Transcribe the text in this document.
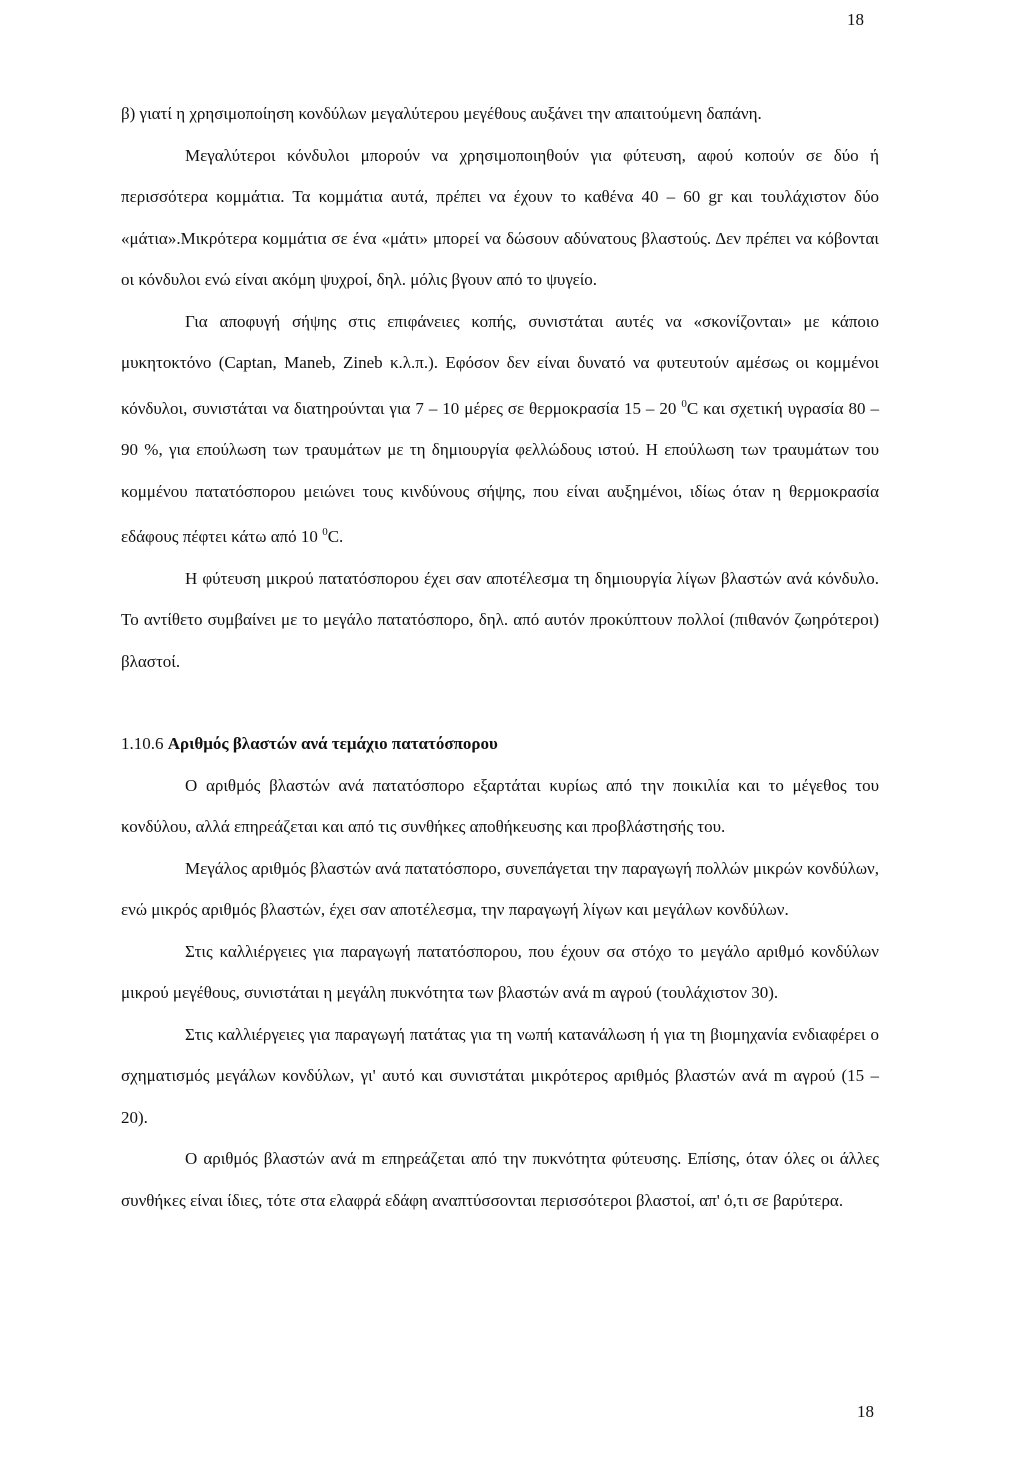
18

β) γιατί η χρησιμοποίηση κονδύλων μεγαλύτερου μεγέθους αυξάνει την απαιτούμενη δαπάνη.

Μεγαλύτεροι κόνδυλοι μπορούν να χρησιμοποιηθούν για φύτευση, αφού κοπούν σε δύο ή περισσότερα κομμάτια. Τα κομμάτια αυτά, πρέπει να έχουν το καθένα 40 – 60 gr και τουλάχιστον δύο «μάτια».Μικρότερα κομμάτια σε ένα «μάτι» μπορεί να δώσουν αδύνατους βλαστούς. Δεν πρέπει να κόβονται οι κόνδυλοι ενώ είναι ακόμη ψυχροί, δηλ. μόλις βγουν από το ψυγείο.

Για αποφυγή σήψης στις επιφάνειες κοπής, συνιστάται αυτές να «σκονίζονται» με κάποιο μυκητοκτόνο (Captan, Maneb, Zineb κ.λ.π.). Εφόσον δεν είναι δυνατό να φυτευτούν αμέσως οι κομμένοι κόνδυλοι, συνιστάται να διατηρούνται για 7 – 10 μέρες σε θερμοκρασία 15 – 20 $^0$C και σχετική υγρασία 80 – 90 %, για επούλωση των τραυμάτων με τη δημιουργία φελλώδους ιστού. Η επούλωση των τραυμάτων του κομμένου πατατόσπορου μειώνει τους κινδύνους σήψης, που είναι αυξημένοι, ιδίως όταν η θερμοκρασία εδάφους πέφτει κάτω από 10 $^0$C.

Η φύτευση μικρού πατατόσπορου έχει σαν αποτέλεσμα τη δημιουργία λίγων βλαστών ανά κόνδυλο. Το αντίθετο συμβαίνει με το μεγάλο πατατόσπορο, δηλ. από αυτόν προκύπτουν πολλοί (πιθανόν ζωηρότεροι) βλαστοί.

1.10.6 Αριθμός βλαστών ανά τεμάχιο πατατόσπορου

Ο αριθμός βλαστών ανά πατατόσπορο εξαρτάται κυρίως από την ποικιλία και το μέγεθος του κονδύλου, αλλά επηρεάζεται και από τις συνθήκες αποθήκευσης και προβλάστησής του.

Μεγάλος αριθμός βλαστών ανά πατατόσπορο, συνεπάγεται την παραγωγή πολλών μικρών κονδύλων, ενώ μικρός αριθμός βλαστών, έχει σαν αποτέλεσμα, την παραγωγή λίγων και μεγάλων κονδύλων.

Στις καλλιέργειες για παραγωγή πατατόσπορου, που έχουν σα στόχο το μεγάλο αριθμό κονδύλων μικρού μεγέθους, συνιστάται η μεγάλη πυκνότητα των βλαστών ανά m αγρού (τουλάχιστον 30).

Στις καλλιέργειες για παραγωγή πατάτας για τη νωπή κατανάλωση ή για τη βιομηχανία ενδιαφέρει ο σχηματισμός μεγάλων κονδύλων, γι' αυτό και συνιστάται μικρότερος αριθμός βλαστών ανά m αγρού (15 – 20).

Ο αριθμός βλαστών ανά m επηρεάζεται από την πυκνότητα φύτευσης. Επίσης, όταν όλες οι άλλες συνθήκες είναι ίδιες, τότε στα ελαφρά εδάφη αναπτύσσονται περισσότεροι βλαστοί, απ' ό,τι σε βαρύτερα.

18
